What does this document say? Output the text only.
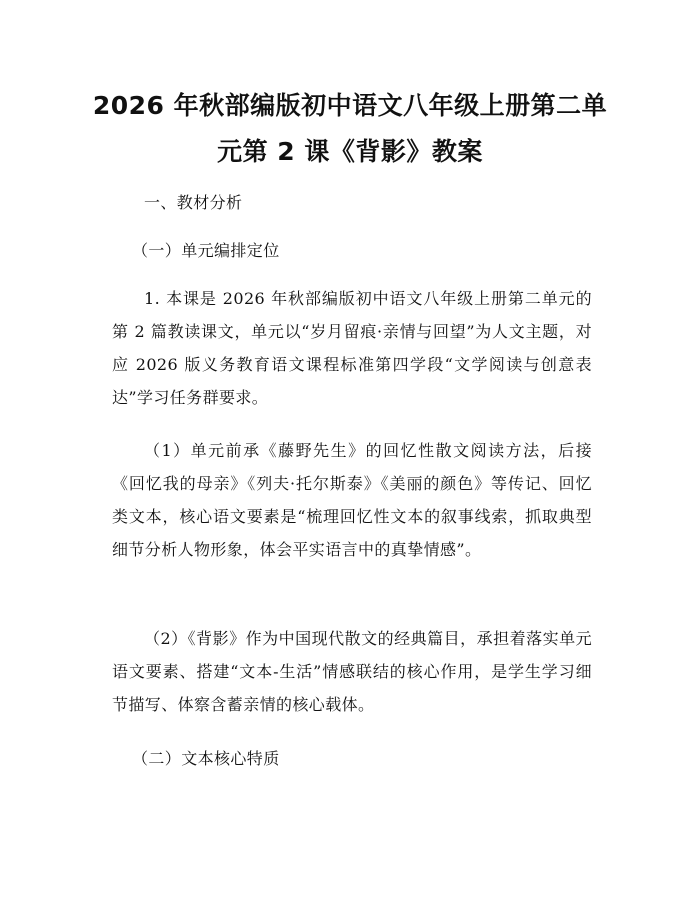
2026 年秋部编版初中语文八年级上册第二单
元第 2 课《背影》教案

一、教材分析

（一）单元编排定位

1. 本课是 2026 年秋部编版初中语文八年级上册第二单元的第 2 篇教读课文，单元以“岁月留痕·亲情与回望”为人文主题，对应 2026 版义务教育语文课程标准第四学段“文学阅读与创意表达”学习任务群要求。

（1）单元前承《藤野先生》的回忆性散文阅读方法，后接《回忆我的母亲》《列夫·托尔斯泰》《美丽的颜色》等传记、回忆类文本，核心语文要素是“梳理回忆性文本的叙事线索，抓取典型细节分析人物形象，体会平实语言中的真挚情感”。

（2）《背影》作为中国现代散文的经典篇目，承担着落实单元语文要素、搭建“文本-生活”情感联结的核心作用，是学生学习细节描写、体察含蓄亲情的核心载体。

（二）文本核心特质
